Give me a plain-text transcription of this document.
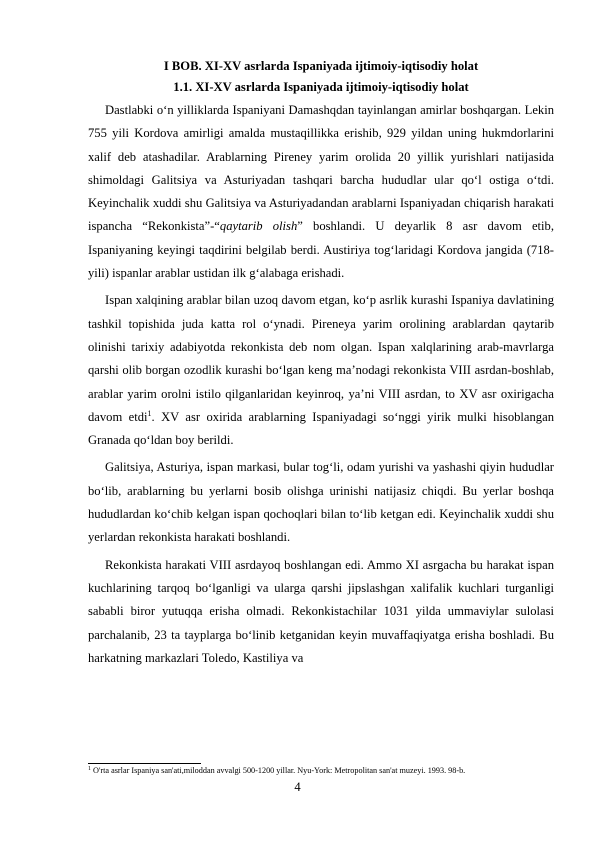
I BOB. XI-XV asrlarda Ispaniyada ijtimoiy-iqtisodiy holat
1.1. XI-XV asrlarda Ispaniyada ijtimoiy-iqtisodiy holat

Dastlabki o‘n yilliklarda Ispaniyani Damashqdan tayinlangan amirlar boshqargan. Lekin 755 yili Kordova amirligi amalda mustaqillikka erishib, 929 yildan uning hukmdorlarini xalif deb atashadilar. Arablarning Pireney yarim orolida 20 yillik yurishlari natijasida shimoldagi Galitsiya va Asturiyadan tashqari barcha hududlar ular qo‘l ostiga o‘tdi. Keyinchalik xuddi shu Galitsiya va Asturiyadandan arablarni Ispaniyadan chiqarish harakati ispancha “Rekonkista”-“qaytarib olish” boshlandi. U deyarlik 8 asr davom etib, Ispaniyaning keyingi taqdirini belgilab berdi. Austiriya tog‘laridagi Kordova jangida (718-yili) ispanlar arablar ustidan ilk g‘alabaga erishadi.

Ispan xalqining arablar bilan uzoq davom etgan, ko‘p asrlik kurashi Ispaniya davlatining tashkil topishida juda katta rol o‘ynadi. Pireneya yarim orolining arablardan qaytarib olinishi tarixiy adabiyotda rekonkista deb nom olgan. Ispan xalqlarining arab-mavrlarga qarshi olib borgan ozodlik kurashi bo‘lgan keng ma’nodagi rekonkista VIII asrdan-boshlab, arablar yarim orolni istilo qilganlaridan keyinroq, ya’ni VIII asrdan, to XV asr oxirigacha davom etdi$^1$. XV asr oxirida arablarning Ispaniyadagi so‘nggi yirik mulki hisoblangan Granada qo‘ldan boy berildi.

Galitsiya, Asturiya, ispan markasi, bular tog‘li, odam yurishi va yashashi qiyin hududlar bo‘lib, arablarning bu yerlarni bosib olishga urinishi natijasiz chiqdi. Bu yerlar boshqa hududlardan ko‘chib kelgan ispan qochoqlari bilan to‘lib ketgan edi. Keyinchalik xuddi shu yerlardan rekonkista harakati boshlandi.

Rekonkista harakati VIII asrdayoq boshlangan edi. Ammo XI asrgacha bu harakat ispan kuchlarining tarqoq bo‘lganligi va ularga qarshi jipslashgan xalifalik kuchlari turganligi sababli biror yutuqqa erisha olmadi. Rekonkistachilar 1031 yilda ummaviylar sulolasi parchalanib, 23 ta tayplarga bo‘linib ketganidan keyin muvaffaqiyatga erisha boshladi. Bu harkatning markazlari Toledo, Kastiliya va

$^1$ O'rta asrlar Ispaniya san'ati,miloddan avvalgi 500-1200 yillar. Nyu-York: Metropolitan san'at muzeyi. 1993. 98-b.
4
